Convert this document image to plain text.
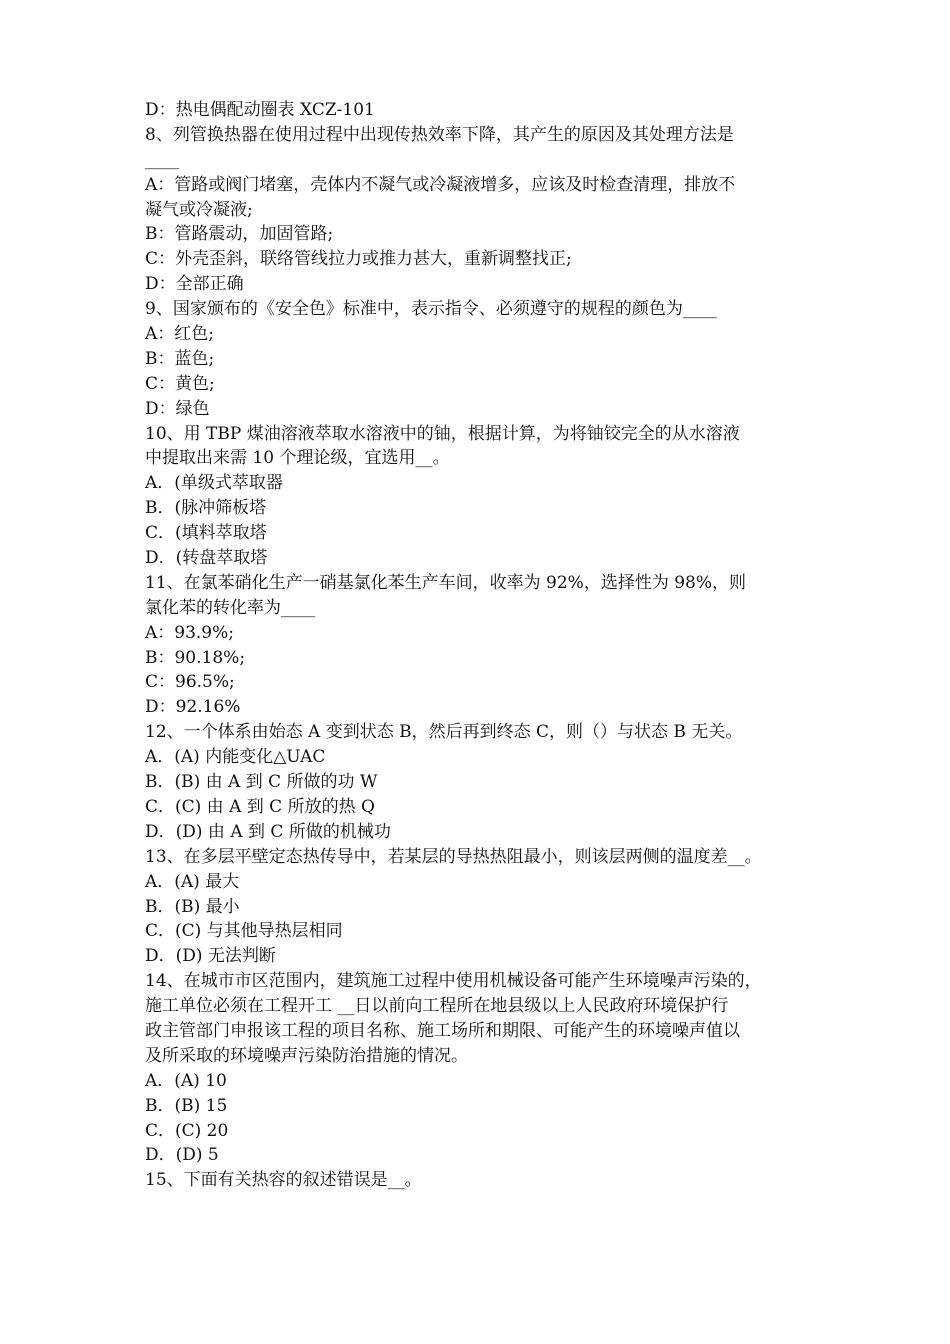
D：热电偶配动圈表 XCZ-101
8、列管换热器在使用过程中出现传热效率下降，其产生的原因及其处理方法是
____
A：管路或阀门堵塞，壳体内不凝气或冷凝液增多，应该及时检查清理，排放不
凝气或冷凝液;
B：管路震动，加固管路;
C：外壳歪斜，联络管线拉力或推力甚大，重新调整找正;
D：全部正确
9、国家颁布的《安全色》标准中，表示指令、必须遵守的规程的颜色为____
A：红色;
B：蓝色;
C：黄色;
D：绿色
10、用 TBP 煤油溶液萃取水溶液中的铀，根据计算，为将铀铰完全的从水溶液
中提取出来需 10 个理论级，宜选用__。
A．(单级式萃取器
B．(脉冲筛板塔
C．(填料萃取塔
D．(转盘萃取塔
11、在氯苯硝化生产一硝基氯化苯生产车间，收率为 92%，选择性为 98%，则
氯化苯的转化率为____
A：93.9%;
B：90.18%;
C：96.5%;
D：92.16%
12、一个体系由始态 A 变到状态 B，然后再到终态 C，则（）与状态 B 无关。
A．(A) 内能变化△UAC
B．(B) 由 A 到 C 所做的功 W
C．(C) 由 A 到 C 所放的热 Q
D．(D) 由 A 到 C 所做的机械功
13、在多层平壁定态热传导中，若某层的导热热阻最小，则该层两侧的温度差__。
A．(A) 最大
B．(B) 最小
C．(C) 与其他导热层相同
D．(D) 无法判断
14、在城市市区范围内，建筑施工过程中使用机械设备可能产生环境噪声污染的，
施工单位必须在工程开工 __日以前向工程所在地县级以上人民政府环境保护行
政主管部门申报该工程的项目名称、施工场所和期限、可能产生的环境噪声值以
及所采取的环境噪声污染防治措施的情况。
A．(A) 10
B．(B) 15
C．(C) 20
D．(D) 5
15、下面有关热容的叙述错误是__。
